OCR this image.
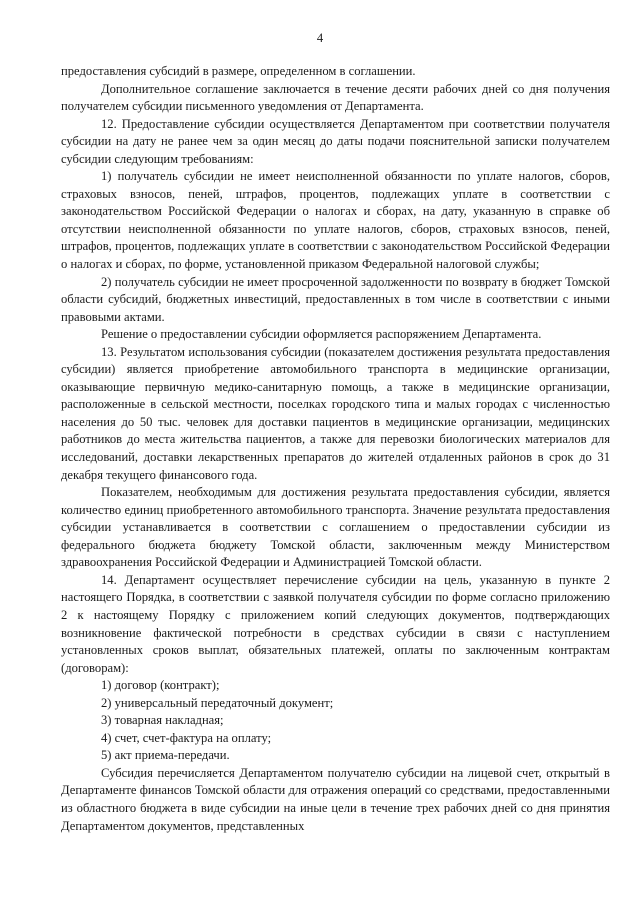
4

предоставления субсидий в размере, определенном в соглашении.

Дополнительное соглашение заключается в течение десяти рабочих дней со дня получения получателем субсидии письменного уведомления от Департамента.

12. Предоставление субсидии осуществляется Департаментом при соответствии получателя субсидии на дату не ранее чем за один месяц до даты подачи пояснительной записки получателем субсидии следующим требованиям:

1) получатель субсидии не имеет неисполненной обязанности по уплате налогов, сборов, страховых взносов, пеней, штрафов, процентов, подлежащих уплате в соответствии с законодательством Российской Федерации о налогах и сборах, на дату, указанную в справке об отсутствии неисполненной обязанности по уплате налогов, сборов, страховых взносов, пеней, штрафов, процентов, подлежащих уплате в соответствии с законодательством Российской Федерации о налогах и сборах, по форме, установленной приказом Федеральной налоговой службы;

2) получатель субсидии не имеет просроченной задолженности по возврату в бюджет Томской области субсидий, бюджетных инвестиций, предоставленных в том числе в соответствии с иными правовыми актами.

Решение о предоставлении субсидии оформляется распоряжением Департамента.

13. Результатом использования субсидии (показателем достижения результата предоставления субсидии) является приобретение автомобильного транспорта в медицинские организации, оказывающие первичную медико-санитарную помощь, а также в медицинские организации, расположенные в сельской местности, поселках городского типа и малых городах с численностью населения до 50 тыс. человек для доставки пациентов в медицинские организации, медицинских работников до места жительства пациентов, а также для перевозки биологических материалов для исследований, доставки лекарственных препаратов до жителей отдаленных районов в срок до 31 декабря текущего финансового года.

Показателем, необходимым для достижения результата предоставления субсидии, является количество единиц приобретенного автомобильного транспорта. Значение результата предоставления субсидии устанавливается в соответствии с соглашением о предоставлении субсидии из федерального бюджета бюджету Томской области, заключенным между Министерством здравоохранения Российской Федерации и Администрацией Томской области.

14. Департамент осуществляет перечисление субсидии на цель, указанную в пункте 2 настоящего Порядка, в соответствии с заявкой получателя субсидии по форме согласно приложению 2 к настоящему Порядку с приложением копий следующих документов, подтверждающих возникновение фактической потребности в средствах субсидии в связи с наступлением установленных сроков выплат, обязательных платежей, оплаты по заключенным контрактам (договорам):

1) договор (контракт);

2) универсальный передаточный документ;

3) товарная накладная;

4) счет, счет-фактура на оплату;

5) акт приема-передачи.

Субсидия перечисляется Департаментом получателю субсидии на лицевой счет, открытый в Департаменте финансов Томской области для отражения операций со средствами, предоставленными из областного бюджета в виде субсидии на иные цели в течение трех рабочих дней со дня принятия Департаментом документов, представленных
